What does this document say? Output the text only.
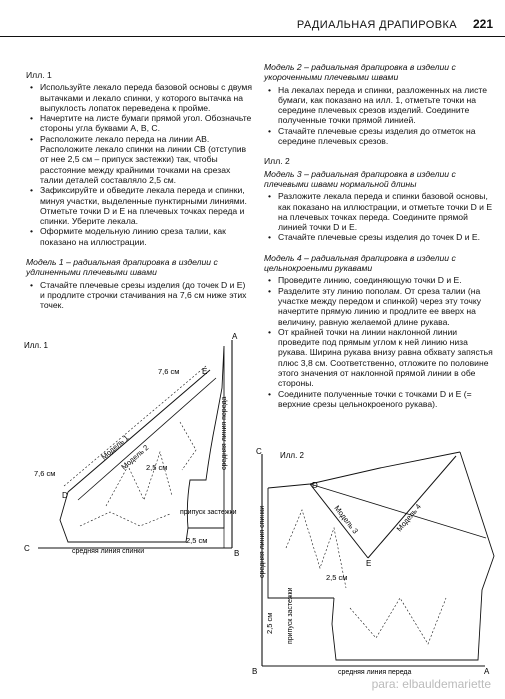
РАДИАЛЬНАЯ ДРАПИРОВКА 221
Илл. 1
• Используйте лекало переда базовой основы с двумя вытачками и лекало спинки, у которого вытачка на выпуклость лопаток переведена к пройме.
• Начертите на листе бумаги прямой угол. Обозначьте стороны угла буквами A, B, C.
• Расположите лекало переда на линии AB. Расположите лекало спинки на линии CB (отступив от нее 2,5 см – припуск застежки) так, чтобы расстояние между крайними точками на срезах талии деталей составляло 2,5 см.
• Зафиксируйте и обведите лекала переда и спинки, минуя участки, выделенные пунктирными линиями. Отметьте точки D и E на плечевых точках переда и спинки. Уберите лекала.
• Оформите модельную линию среза талии, как показано на иллюстрации.

Модель 1 – радиальная драпировка в изделии с удлиненными плечевыми швами

• Стачайте плечевые срезы изделия (до точек D и E) и продлите строчки стачивания на 7,6 см ниже этих точек.

Модель 2 – радиальная драпировка в изделии с укороченными плечевыми швами

• На лекалах переда и спинки, разложенных на листе бумаги, как показано на илл. 1, отметьте точки на середине плечевых срезов изделий. Соедините полученные точки прямой линией.
• Стачайте плечевые срезы изделия до отметок на середине плечевых срезов.
Илл. 2

Модель 3 – радиальная драпировка в изделии с плечевыми швами нормальной длины

• Разложите лекала переда и спинки базовой основы, как показано на иллюстрации, и отметьте точки D и E на плечевых точках переда. Соедините прямой линией точки D и E.
• Стачайте плечевые срезы изделия до точек D и E.

Модель 4 – радиальная драпировка в изделии с цельнокроеными рукавами

• Проведите линию, соединяющую точки D и E.
• Разделите эту линию пополам. От среза талии (на участке между передом и спинкой) через эту точку начертите прямую линию и продлите ее вверх на величину, равную желаемой длине рукава.
• От крайней точки на линии наклонной линии проведите под прямым углом к ней линию низа рукава. Ширина рукава внизу равна обхвату запястья плюс 3,8 см. Соответственно, отложите по половине этого значения от наклонной прямой линии в обе стороны.
• Соедините полученные точки с точками D и E (= верхние срезы цельнокроеного рукава).
Илл. 1
A
B
C
E
D
7,6 см
7,6 см
2,5 см
2,5 см
Модель 1
Модель 2	средняя линия переда
средняя линия спинки
припуск застежки
Илл. 2
C
B	A
D
E
Модель 3	Модель 4
2,5 см
2,5 см
средняя линия спинки
средняя линия переда
припуск застежки
para: elbauldemariette
